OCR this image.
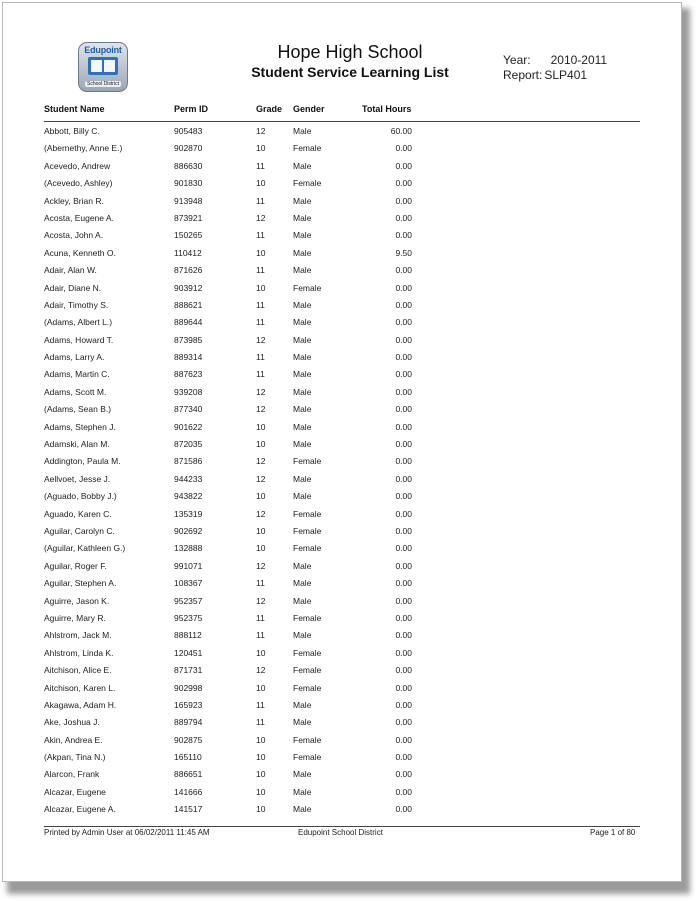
Edupoint
School District
Hope High School
Student Service Learning List
Year: 2010-2011
Report: SLP401
Student Name	Perm ID	Grade Gender	Total Hours
Abbott, Billy C.	905483	12	Male	60.00
(Abernethy, Anne E.)	902870	10	Female	0.00
Acevedo, Andrew	886630	11	Male	0.00
(Acevedo, Ashley)	901830	10	Female	0.00
Ackley, Brian R.	913948	11	Male	0.00
Acosta, Eugene A.	873921	12	Male	0.00
Acosta, John A.	150265	11	Male	0.00
Acuna, Kenneth O.	110412	10	Male	9.50
Adair, Alan W.	871626	11	Male	0.00
Adair, Diane N.	903912	10	Female	0.00
Adair, Timothy S.	888621	11	Male	0.00
(Adams, Albert L.)	889644	11	Male	0.00
Adams, Howard T.	873985	12	Male	0.00
Adams, Larry A.	889314	11	Male	0.00
Adams, Martin C.	887623	11	Male	0.00
Adams, Scott M.	939208	12	Male	0.00
(Adams, Sean B.)	877340	12	Male	0.00
Adams, Stephen J.	901622	10	Male	0.00
Adamski, Alan M.	872035	10	Male	0.00
Addington, Paula M.	871586	12	Female	0.00
Aellvoet, Jesse J.	944233	12	Male	0.00
(Aguado, Bobby J.)	943822	10	Male	0.00
Aguado, Karen C.	135319	12	Female	0.00
Aguilar, Carolyn C.	902692	10	Female	0.00
(Aguilar, Kathleen G.)	132888	10	Female	0.00
Aguilar, Roger F.	991071	12	Male	0.00
Aguilar, Stephen A.	108367	11	Male	0.00
Aguirre, Jason K.	952357	12	Male	0.00
Aguirre, Mary R.	952375	11	Female	0.00
Ahlstrom, Jack M.	888112	11	Male	0.00
Ahlstrom, Linda K.	120451	10	Female	0.00
Aitchison, Alice E.	871731	12	Female	0.00
Aitchison, Karen L.	902998	10	Female	0.00
Akagawa, Adam H.	165923	11	Male	0.00
Ake, Joshua J.	889794	11	Male	0.00
Akin, Andrea E.	902875	10	Female	0.00
(Akpan, Tina N.)	165110	10	Female	0.00
Alarcon, Frank	886651	10	Male	0.00
Alcazar, Eugene	141666	10	Male	0.00
Alcazar, Eugene A.	141517	10	Male	0.00
Printed by Admin User at 06/02/2011 11:45 AM	Edupoint School District	Page 1 of 80
